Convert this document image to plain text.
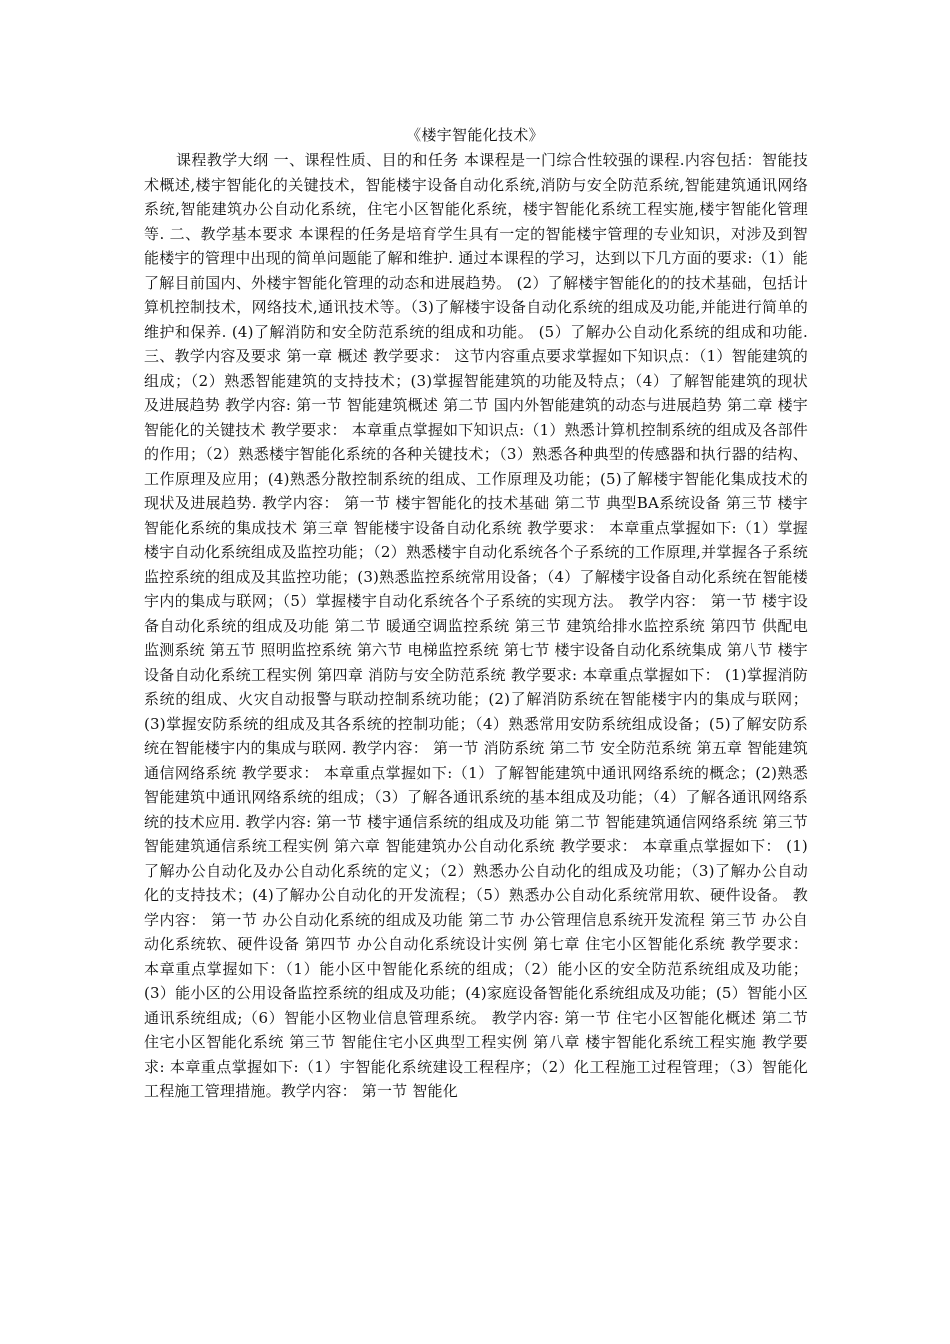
《楼宇智能化技术》

课程教学大纲 一、课程性质、目的和任务 本课程是一门综合性较强的课程.内容包括：智能技术概述,楼宇智能化的关键技术，智能楼宇设备自动化系统,消防与安全防范系统,智能建筑通讯网络系统,智能建筑办公自动化系统，住宅小区智能化系统，楼宇智能化系统工程实施,楼宇智能化管理等. 二、教学基本要求 本课程的任务是培育学生具有一定的智能楼宇管理的专业知识，对涉及到智能楼宇的管理中出现的简单问题能了解和维护. 通过本课程的学习，达到以下几方面的要求:（1）能了解目前国内、外楼宇智能化管理的动态和进展趋势。 (2）了解楼宇智能化的的技术基础，包括计算机控制技术，网络技术,通讯技术等。（3)了解楼宇设备自动化系统的组成及功能,并能进行简单的维护和保养. (4)了解消防和安全防范系统的组成和功能。 (5）了解办公自动化系统的组成和功能. 三、教学内容及要求 第一章 概述 教学要求： 这节内容重点要求掌握如下知识点：（1）智能建筑的组成；（2）熟悉智能建筑的支持技术；(3)掌握智能建筑的功能及特点；（4）了解智能建筑的现状及进展趋势 教学内容: 第一节 智能建筑概述 第二节 国内外智能建筑的动态与进展趋势 第二章 楼宇智能化的关键技术 教学要求： 本章重点掌握如下知识点:（1）熟悉计算机控制系统的组成及各部件的作用；（2）熟悉楼宇智能化系统的各种关键技术；（3）熟悉各种典型的传感器和执行器的结构、工作原理及应用；(4)熟悉分散控制系统的组成、工作原理及功能；(5)了解楼宇智能化集成技术的现状及进展趋势. 教学内容： 第一节 楼宇智能化的技术基础 第二节 典型BA系统设备 第三节 楼宇智能化系统的集成技术 第三章 智能楼宇设备自动化系统 教学要求： 本章重点掌握如下:（1）掌握楼宇自动化系统组成及监控功能；（2）熟悉楼宇自动化系统各个子系统的工作原理,并掌握各子系统监控系统的组成及其监控功能；(3)熟悉监控系统常用设备；（4）了解楼宇设备自动化系统在智能楼宇内的集成与联网；（5）掌握楼宇自动化系统各个子系统的实现方法。 教学内容： 第一节 楼宇设备自动化系统的组成及功能 第二节 暖通空调监控系统 第三节 建筑给排水监控系统 第四节 供配电监测系统 第五节 照明监控系统 第六节 电梯监控系统 第七节 楼宇设备自动化系统集成 第八节 楼宇设备自动化系统工程实例 第四章 消防与安全防范系统 教学要求: 本章重点掌握如下： (1)掌握消防系统的组成、火灾自动报警与联动控制系统功能；(2)了解消防系统在智能楼宇内的集成与联网；(3)掌握安防系统的组成及其各系统的控制功能；（4）熟悉常用安防系统组成设备；(5)了解安防系统在智能楼宇内的集成与联网. 教学内容： 第一节 消防系统 第二节 安全防范系统 第五章 智能建筑通信网络系统 教学要求： 本章重点掌握如下:（1）了解智能建筑中通讯网络系统的概念；(2)熟悉智能建筑中通讯网络系统的组成；（3）了解各通讯系统的基本组成及功能；（4）了解各通讯网络系统的技术应用. 教学内容: 第一节 楼宇通信系统的组成及功能 第二节 智能建筑通信网络系统 第三节 智能建筑通信系统工程实例 第六章 智能建筑办公自动化系统 教学要求： 本章重点掌握如下： (1)了解办公自动化及办公自动化系统的定义；（2）熟悉办公自动化的组成及功能；（3)了解办公自动化的支持技术；(4)了解办公自动化的开发流程；（5）熟悉办公自动化系统常用软、硬件设备。 教学内容： 第一节 办公自动化系统的组成及功能 第二节 办公管理信息系统开发流程 第三节 办公自动化系统软、硬件设备 第四节 办公自动化系统设计实例 第七章 住宅小区智能化系统 教学要求： 本章重点掌握如下：（1）能小区中智能化系统的组成；（2）能小区的安全防范系统组成及功能；(3）能小区的公用设备监控系统的组成及功能；(4)家庭设备智能化系统组成及功能；(5）智能小区通讯系统组成;（6）智能小区物业信息管理系统。 教学内容: 第一节 住宅小区智能化概述 第二节 住宅小区智能化系统 第三节 智能住宅小区典型工程实例 第八章 楼宇智能化系统工程实施 教学要求: 本章重点掌握如下:（1）宇智能化系统建设工程程序；（2）化工程施工过程管理；（3）智能化工程施工管理措施。教学内容： 第一节 智能化
